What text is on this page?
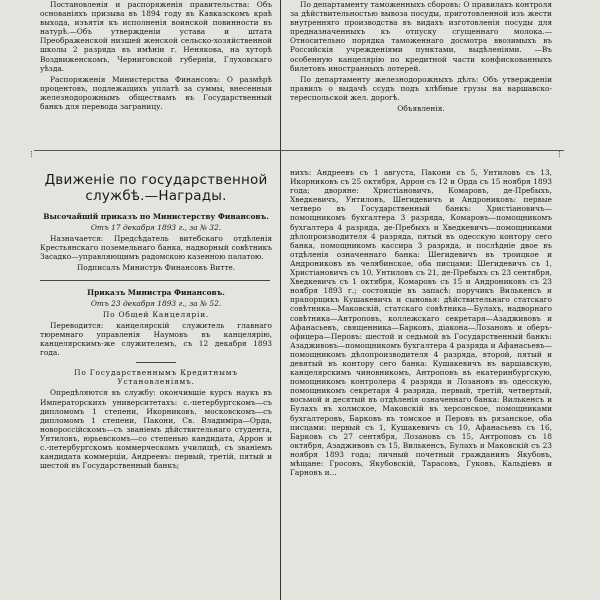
Постановленія и распоряженія правительства: Объ основаніяхъ призыва въ 1894 году въ Кавказскомъ краѣ выхода, изъятія къ исполненія воинской повинности въ натурѣ.—Объ утвержденіи устава и штата Преображенской низшей женской сельско-хозяйственной школы 2 разряда въ имѣніи г. Ненякова, на хуторѣ Воздвиженскомъ, Черниговской губерніи, Глуховскаго уѣзда.

Распоряженія Министерства Финансовъ: О размѣрѣ процентовъ, подлежащихъ уплатѣ за суммы, внесенныя железнодорожнымъ обществамъ въ Государственный банкъ для перевода заграницу.

По департаменту таможенныхъ сборовъ: О правилахъ контроля за дѣйствительностью вывоза посуды, приготовленной изъ жести внутренняго производства въ видахъ изготовленія посуды для предназначенныхъ къ отпуску сгущеннаго молока.—Относительно порядка таможеннаго досмотра ввозимыхъ въ Российскія учрежденіями пунктами, выдѣленіями. —Въ особенную канцелярію по кредитной части конфискованныхъ билетовъ иностранныхъ лотерей.

По департаменту железнодорожныхъ дѣлъ: Объ утвержденіи правилъ о выдачѣ ссудъ подъ хлѣбные грузы на варшавско-тереспольской жел. дорогѣ.

Объявленія.

⁝	⁝
Движеніе по государственной службѣ.—Награды.

Высочайшій приказъ по Министерству Финансовъ.

Отъ 17 декабря 1893 г., за № 32.

Назначается: Предсѣдатель витебскаго отдѣленія Крестьянскаго поземельнаго банка, надворный совѣтникъ Засадко—управляющимъ радомскою казенною палатою.

Подписалъ Министръ Финансовъ Витте.

Приказъ Министра Финансовъ.

Отъ 23 декабря 1893 г., за № 52.

По Общей Канцеляріи.

Переводится: канцелярскій служитель главнаго тюремнаго управленія Наумовъ въ канцелярію, канцелярскимъ-же служителемъ, съ 12 декабря 1893 года.

По Государственнымъ Кредитнымъ Установленіямъ.

Опредѣляются въ службу: окончившіе курсъ наукъ въ Императорскихъ университетахъ: с.-петербургскомъ—съ дипломомъ 1 степени, Икорниковъ, московскомъ—съ дипломомъ 1 степени, Пакони, Св. Владиміра—Орда, новороссійскомъ—съ званіемъ дѣйствительнаго студента, Унтиловъ, юрьевскомъ—со степенью кандидата, Аррон и с.-петербургскомъ коммерческомъ училищѣ, съ званіемъ кандидата коммерціи, Андреевъ: первый, третій, пятый и шестой въ Государственный банкъ;

нихъ: Андреевъ съ 1 августа, Пакони съ 5, Унтиловъ съ 13, Икорниковъ съ 25 октября, Аррон съ 12 и Орда съ 15 ноября 1893 года; дворяне: Христіановичъ, Комаровъ, де-Пребыхъ, Хведкевичъ, Унтиловъ, Шегидевичъ и Андрониковъ: первые четверо въ Государственный банкъ: Христіановичъ—помощникомъ бухгалтера 3 разряда, Комаровъ—помощникомъ бухгалтера 4 разряда, де-Пребыхъ и Хведкевичъ—помощниками дѣлопроизводителя 4 разряда, пятый въ одесскую контору сего банка, помощникомъ кассира 3 разряда, и послѣдніе двое въ отдѣленія означеннаго банка: Шегидевичъ въ троицкое и Андрониковъ въ челябинское, оба писцами: Шегидевичъ съ 1, Христіановичъ съ 10, Унтиловъ съ 21, де-Пребыхъ съ 23 сентября, Хведкевичъ съ 1 октября, Комаровъ съ 15 и Андрониковъ съ 23 ноября 1893 г.; состоящіе въ запасѣ: поручикъ Вилькенсъ и прапорщикъ Кушакевичъ и сыновья: дѣйствительнаго статскаго совѣтника—Маковскій, статскаго совѣтника—Булахъ, надворнаго совѣтника—Антроповъ, коллежскаго секретаря—Азадживовъ и Афанасьевъ, священника—Барковъ, діакона—Лозановъ и оберъ-офицера—Перовъ: шестой и седьмой въ Государственный банкъ: Азадживовъ—помощникомъ бухгалтера 4 разряда и Афанасьевъ—помощникомъ дѣлопроизводителя 4 разряда, второй, пятый и девятый въ контору сего банка: Кушакевичъ въ варшавскую, канцелярскимъ чиновникомъ, Антроповъ въ екатеринбургскую, помощникомъ контролера 4 разряда и Лозановъ въ одесскую, помощникомъ секретаря 4 разряда, первый, третій, четвертый, восьмой и десятый въ отдѣленія означеннаго банка: Вилькенсъ и Булахъ въ холмское, Маковскій въ херсонское, помощниками бухгалтеровъ, Барковъ въ томское и Перовъ въ рязанское, оба писцами: первый съ 1, Кушакевичъ съ 10, Афанасьевъ съ 16, Барковъ съ 27 сентября, Лозановъ съ 15, Антроповъ съ 18 октября, Азадживовъ съ 15, Вилькенсъ, Булахъ и Маковскій съ 23 ноября 1893 года; личный почетный гражданинъ Якубовъ, мѣщане: Гросовъ, Якубовскій, Тарасовъ, Гуковъ, Кальдіевъ и Гарновъ и...
